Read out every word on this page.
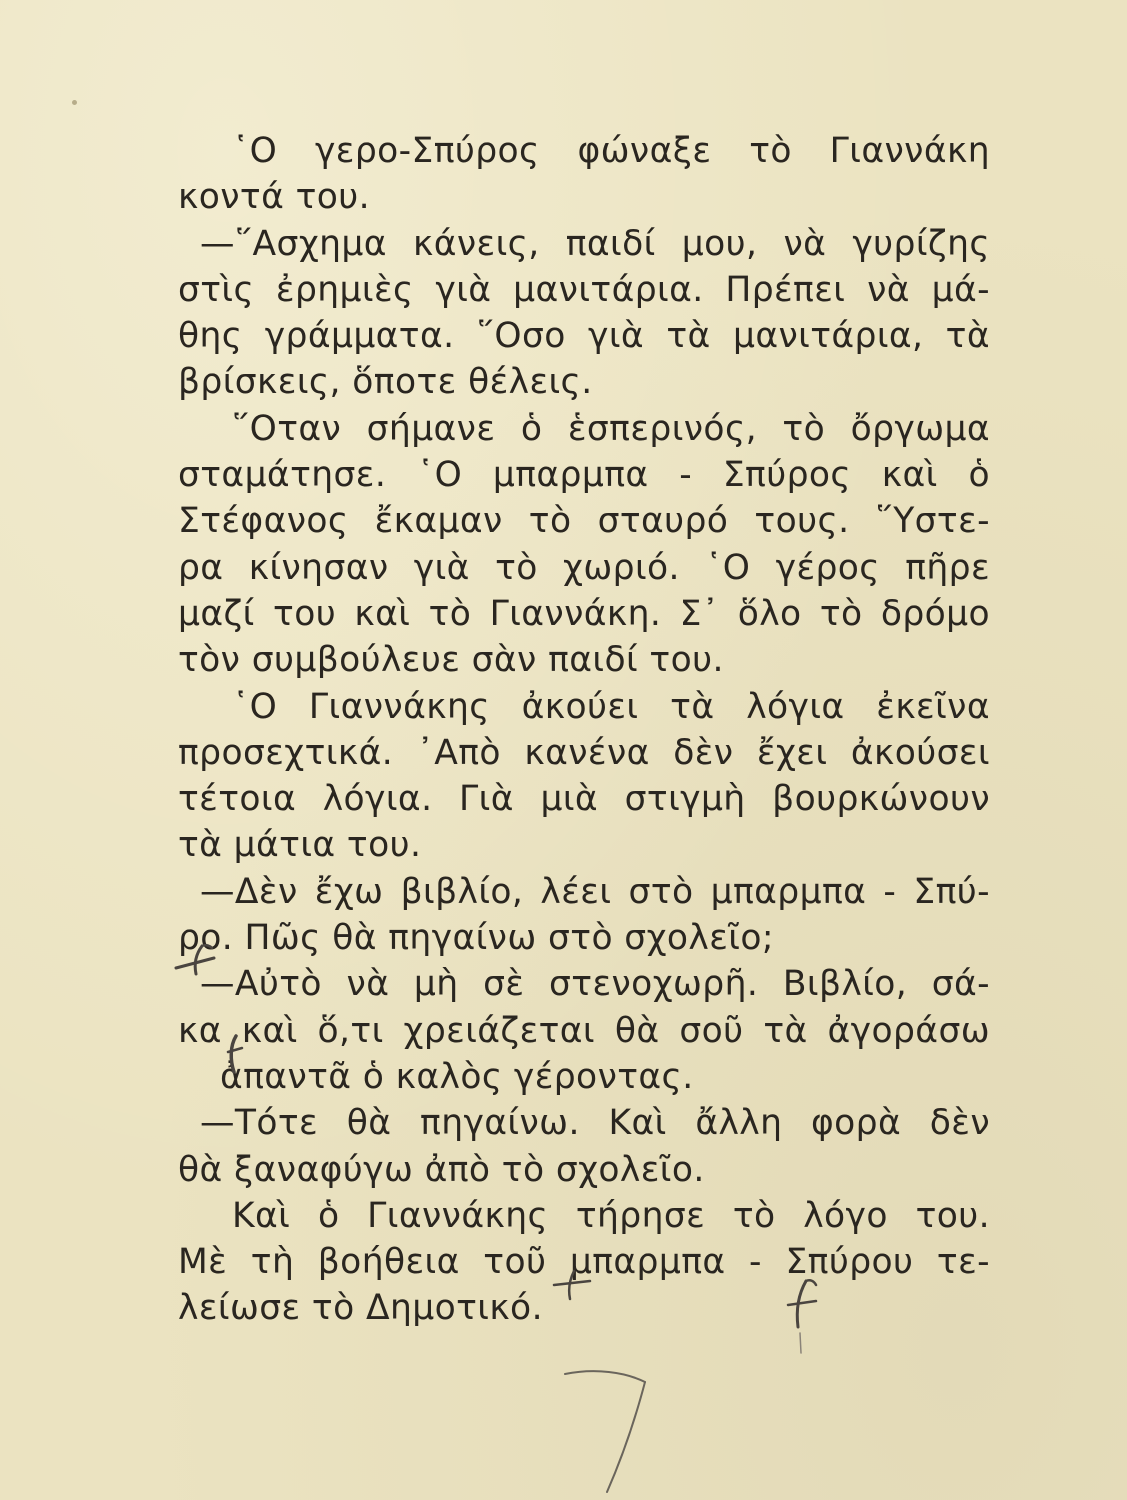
῾Ο γερο-Σπύρος φώναξε τὸ Γιαννάκη
κοντά του.
—῞Ασχημα κάνεις, παιδί μου, νὰ γυρίζης
στὶς ἐρημιὲς γιὰ μανιτάρια. Πρέπει νὰ μά-
θης γράμματα. ῞Οσο γιὰ τὰ μανιτάρια, τὰ
βρίσκεις, ὅποτε θέλεις.
῞Οταν σήμανε ὁ ἑσπερινός, τὸ ὄργωμα
σταμάτησε. ῾Ο μπαρμπα - Σπύρος καὶ ὁ
Στέφανος ἔκαμαν τὸ σταυρό τους. ῞Υστε-
ρα κίνησαν γιὰ τὸ χωριό. ῾Ο γέρος πῆρε
μαζί του καὶ τὸ Γιαννάκη. Σ᾿ ὅλο τὸ δρόμο
τὸν συμβούλευε σὰν παιδί του.
῾Ο Γιαννάκης ἀκούει τὰ λόγια ἐκεῖνα
προσεχτικά. ᾿Απὸ κανένα δὲν ἔχει ἀκούσει
τέτοια λόγια. Γιὰ μιὰ στιγμὴ βουρκώνουν
τὰ μάτια του.
—Δὲν ἔχω βιβλίο, λέει στὸ μπαρμπα - Σπύ-
ρο. Πῶς θὰ πηγαίνω στὸ σχολεῖο;
—Αὐτὸ νὰ μὴ σὲ στενοχωρῆ. Βιβλίο, σά-
κα καὶ ὅ,τι χρειάζεται θὰ σοῦ τὰ ἀγοράσω
ἀπαντᾶ ὁ καλὸς γέροντας.
—Τότε θὰ πηγαίνω. Καὶ ἄλλη φορὰ δὲν
θὰ ξαναφύγω ἀπὸ τὸ σχολεῖο.
Καὶ ὁ Γιαννάκης τήρησε τὸ λόγο του.
Μὲ τὴ βοήθεια τοῦ μπαρμπα - Σπύρου τε-
λείωσε τὸ Δημοτικό.
